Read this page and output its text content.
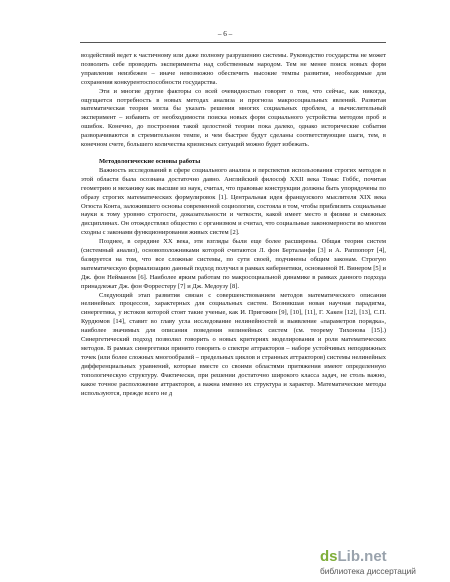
– 6 –

воздействий ведет к частичному или даже полному разрушению системы. Руководство государства не может позволить себе проводить эксперименты над собственным народом. Тем не менее поиск новых форм управления неизбежен – иначе невозможно обеспечить высокие темпы развития, необходимые для сохранения конкурентоспособности государства.

Эти и многие другие факторы со всей очевидностью говорят о том, что сейчас, как никогда, ощущается потребность в новых методах анализа и прогноза макросоциальных явлений. Развитая математическая теория могла бы указать решения многих социальных проблем, а вычислительный эксперимент – избавить от необходимости поиска новых форм социального устройства методом проб и ошибок. Конечно, до построения такой целостной теории пока далеко, однако исторические события разворачиваются в стремительном темпе, и чем быстрее будут сделаны соответствующие шаги, тем, в конечном счете, большего количества кризисных ситуаций можно будет избежать.

Методологические основы работы

Важность исследований в сфере социального анализа и перспектив использования строгих методов в этой области была осознана достаточно давно. Английский философ XXII века Томас Гоббс, почитая геометрию и механику как высшие из наук, считал, что правовые конструкции должны быть упорядочены по образу строгих математических формулировок [1]. Центральная идея французского мыслителя XIX века Огюста Конта, заложившего основы современной социологии, состояла в том, чтобы приблизить социальные науки к тому уровню строгости, доказательности и четкости, какой имеет место в физике и смежных дисциплинах. Он отождествлял общество с организмом и считал, что социальные закономерности во многом сходны с законами функционирования живых систем [2].

Позднее, в середине XX века, эти взгляды были еще более расширены. Общая теория систем (системный анализ), основоположниками которой считаются Л. фон Берталанфи [3] и А. Раппопорт [4], базируется на том, что все сложные системы, по сути своей, подчинены общим законам. Строгую математическую формализацию данный подход получил в рамках кибернетики, основанной Н. Винером [5] и Дж. фон Нейманом [6]. Наиболее ярким работам по макросоциальной динамике в рамках данного подхода принадлежат Дж. фон Форрестеру [7] и Дж. Медоузу [8].

Следующий этап развития связан с совершенствованием методов математического описания нелинейных процессов, характерных для социальных систем. Возникшая новая научная парадигма, синергетика, у истоков которой стоят такие ученые, как И. Пригожин [9], [10], [11], Г. Хакен [12], [13], С.П. Курдюмов [14], ставит во главу угла исследование нелинейностей и выявление «параметров порядка», наиболее значимых для описания поведения нелинейных систем (см. теорему Тихонова [15].) Синергетический подход позволил говорить о новых критериях моделирования и роли математических методов. В рамках синергетики принято говорить о спектре аттракторов – наборе устойчивых неподвижных точек (или более сложных многообразий – предельных циклов и странных аттракторов) системы нелинейных дифференциальных уравнений, которые вместе со своими областями притяжения имеют определенную топологическую структуру. Фактически, при решении достаточно широкого класса задач, не столь важно, какое точное расположение аттракторов, а важна именно их структура и характер. Математические методы используются, прежде всего не д

dsLib.net
библиотека диссертаций
